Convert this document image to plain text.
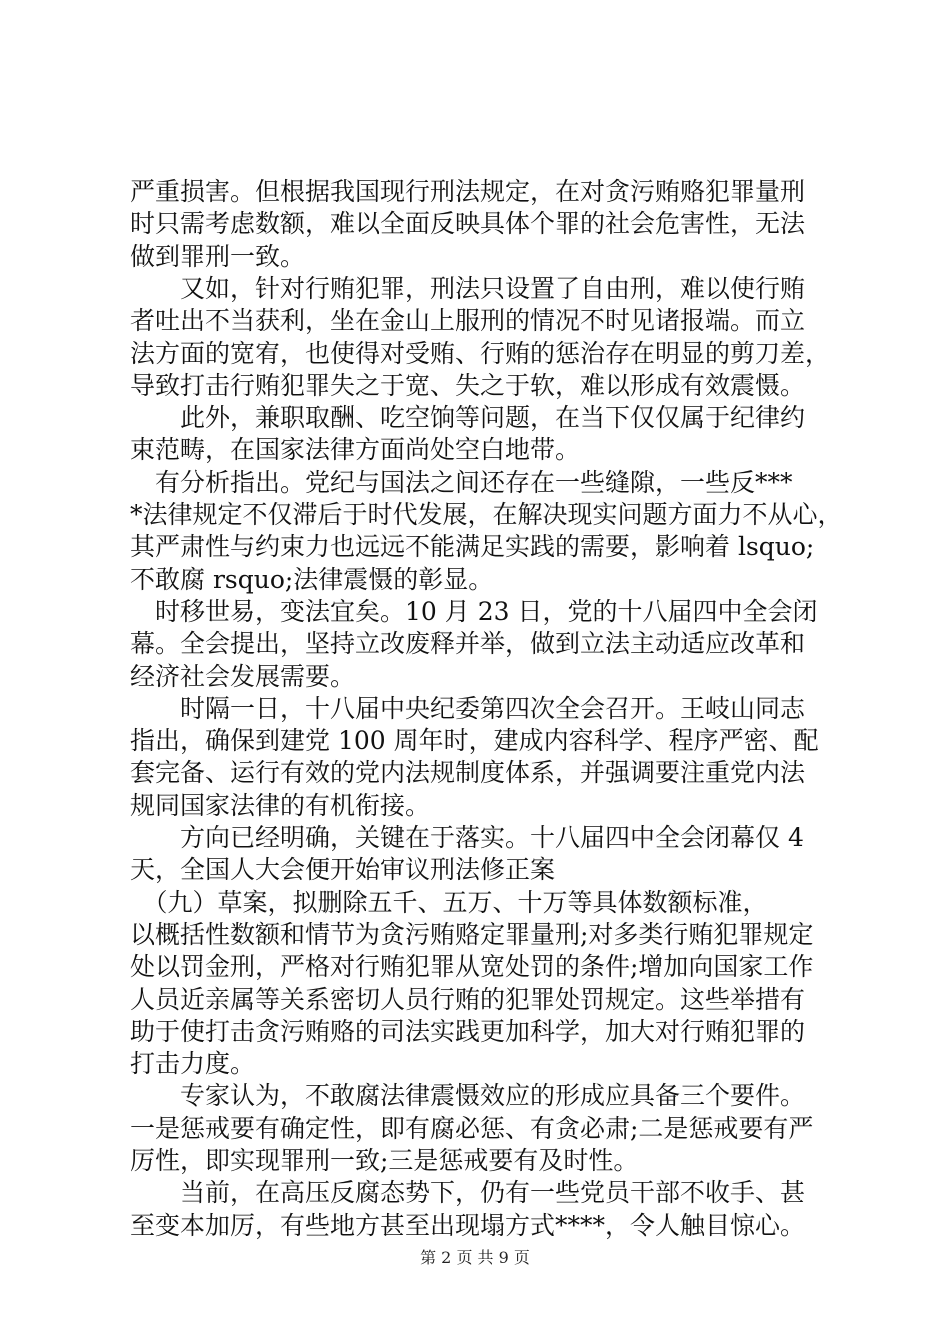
严重损害。但根据我国现行刑法规定，在对贪污贿赂犯罪量刑
时只需考虑数额，难以全面反映具体个罪的社会危害性，无法
做到罪刑一致。
　　又如，针对行贿犯罪，刑法只设置了自由刑，难以使行贿
者吐出不当获利，坐在金山上服刑的情况不时见诸报端。而立
法方面的宽宥，也使得对受贿、行贿的惩治存在明显的剪刀差，
导致打击行贿犯罪失之于宽、失之于软，难以形成有效震慑。
　　此外，兼职取酬、吃空饷等问题，在当下仅仅属于纪律约
束范畴，在国家法律方面尚处空白地带。
　有分析指出。党纪与国法之间还存在一些缝隙，一些反***
*法律规定不仅滞后于时代发展，在解决现实问题方面力不从心，
其严肃性与约束力也远远不能满足实践的需要，影响着 lsquo;
不敢腐 rsquo;法律震慑的彰显。
　时移世易，变法宜矣。10 月 23 日，党的十八届四中全会闭
幕。全会提出，坚持立改废释并举，做到立法主动适应改革和
经济社会发展需要。
　　时隔一日，十八届中央纪委第四次全会召开。王岐山同志
指出，确保到建党 100 周年时，建成内容科学、程序严密、配
套完备、运行有效的党内法规制度体系，并强调要注重党内法
规同国家法律的有机衔接。
　　方向已经明确，关键在于落实。十八届四中全会闭幕仅 4
天，全国人大会便开始审议刑法修正案
　（九）草案，拟删除五千、五万、十万等具体数额标准，
以概括性数额和情节为贪污贿赂定罪量刑;对多类行贿犯罪规定
处以罚金刑，严格对行贿犯罪从宽处罚的条件;增加向国家工作
人员近亲属等关系密切人员行贿的犯罪处罚规定。这些举措有
助于使打击贪污贿赂的司法实践更加科学，加大对行贿犯罪的
打击力度。
　　专家认为，不敢腐法律震慑效应的形成应具备三个要件。
一是惩戒要有确定性，即有腐必惩、有贪必肃;二是惩戒要有严
厉性，即实现罪刑一致;三是惩戒要有及时性。
　　当前，在高压反腐态势下，仍有一些党员干部不收手、甚
至变本加厉，有些地方甚至出现塌方式****，令人触目惊心。
第 2 页 共 9 页
